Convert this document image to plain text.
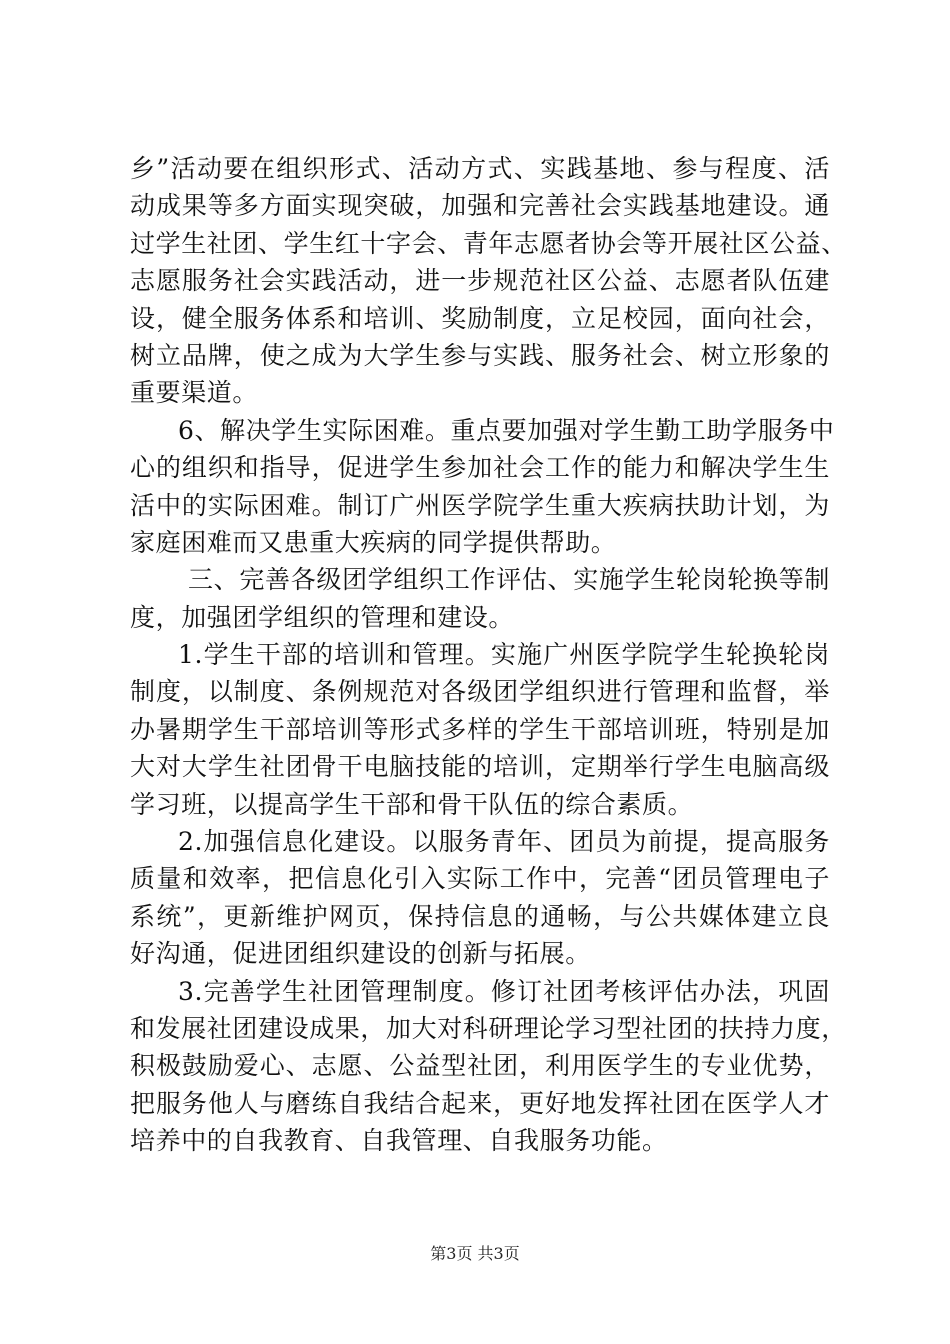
乡”活动要在组织形式、活动方式、实践基地、参与程度、活
动成果等多方面实现突破，加强和完善社会实践基地建设。通
过学生社团、学生红十字会、青年志愿者协会等开展社区公益、
志愿服务社会实践活动，进一步规范社区公益、志愿者队伍建
设，健全服务体系和培训、奖励制度，立足校园，面向社会，
树立品牌，使之成为大学生参与实践、服务社会、树立形象的
重要渠道。
6、解决学生实际困难。重点要加强对学生勤工助学服务中
心的组织和指导，促进学生参加社会工作的能力和解决学生生
活中的实际困难。制订广州医学院学生重大疾病扶助计划，为
家庭困难而又患重大疾病的同学提供帮助。
三、完善各级团学组织工作评估、实施学生轮岗轮换等制
度，加强团学组织的管理和建设。
1.学生干部的培训和管理。实施广州医学院学生轮换轮岗
制度，以制度、条例规范对各级团学组织进行管理和监督，举
办暑期学生干部培训等形式多样的学生干部培训班，特别是加
大对大学生社团骨干电脑技能的培训，定期举行学生电脑高级
学习班，以提高学生干部和骨干队伍的综合素质。
2.加强信息化建设。以服务青年、团员为前提，提高服务
质量和效率，把信息化引入实际工作中，完善“团员管理电子
系统”，更新维护网页，保持信息的通畅，与公共媒体建立良
好沟通，促进团组织建设的创新与拓展。
3.完善学生社团管理制度。修订社团考核评估办法，巩固
和发展社团建设成果，加大对科研理论学习型社团的扶持力度，
积极鼓励爱心、志愿、公益型社团，利用医学生的专业优势，
把服务他人与磨练自我结合起来，更好地发挥社团在医学人才
培养中的自我教育、自我管理、自我服务功能。
第3页 共3页
